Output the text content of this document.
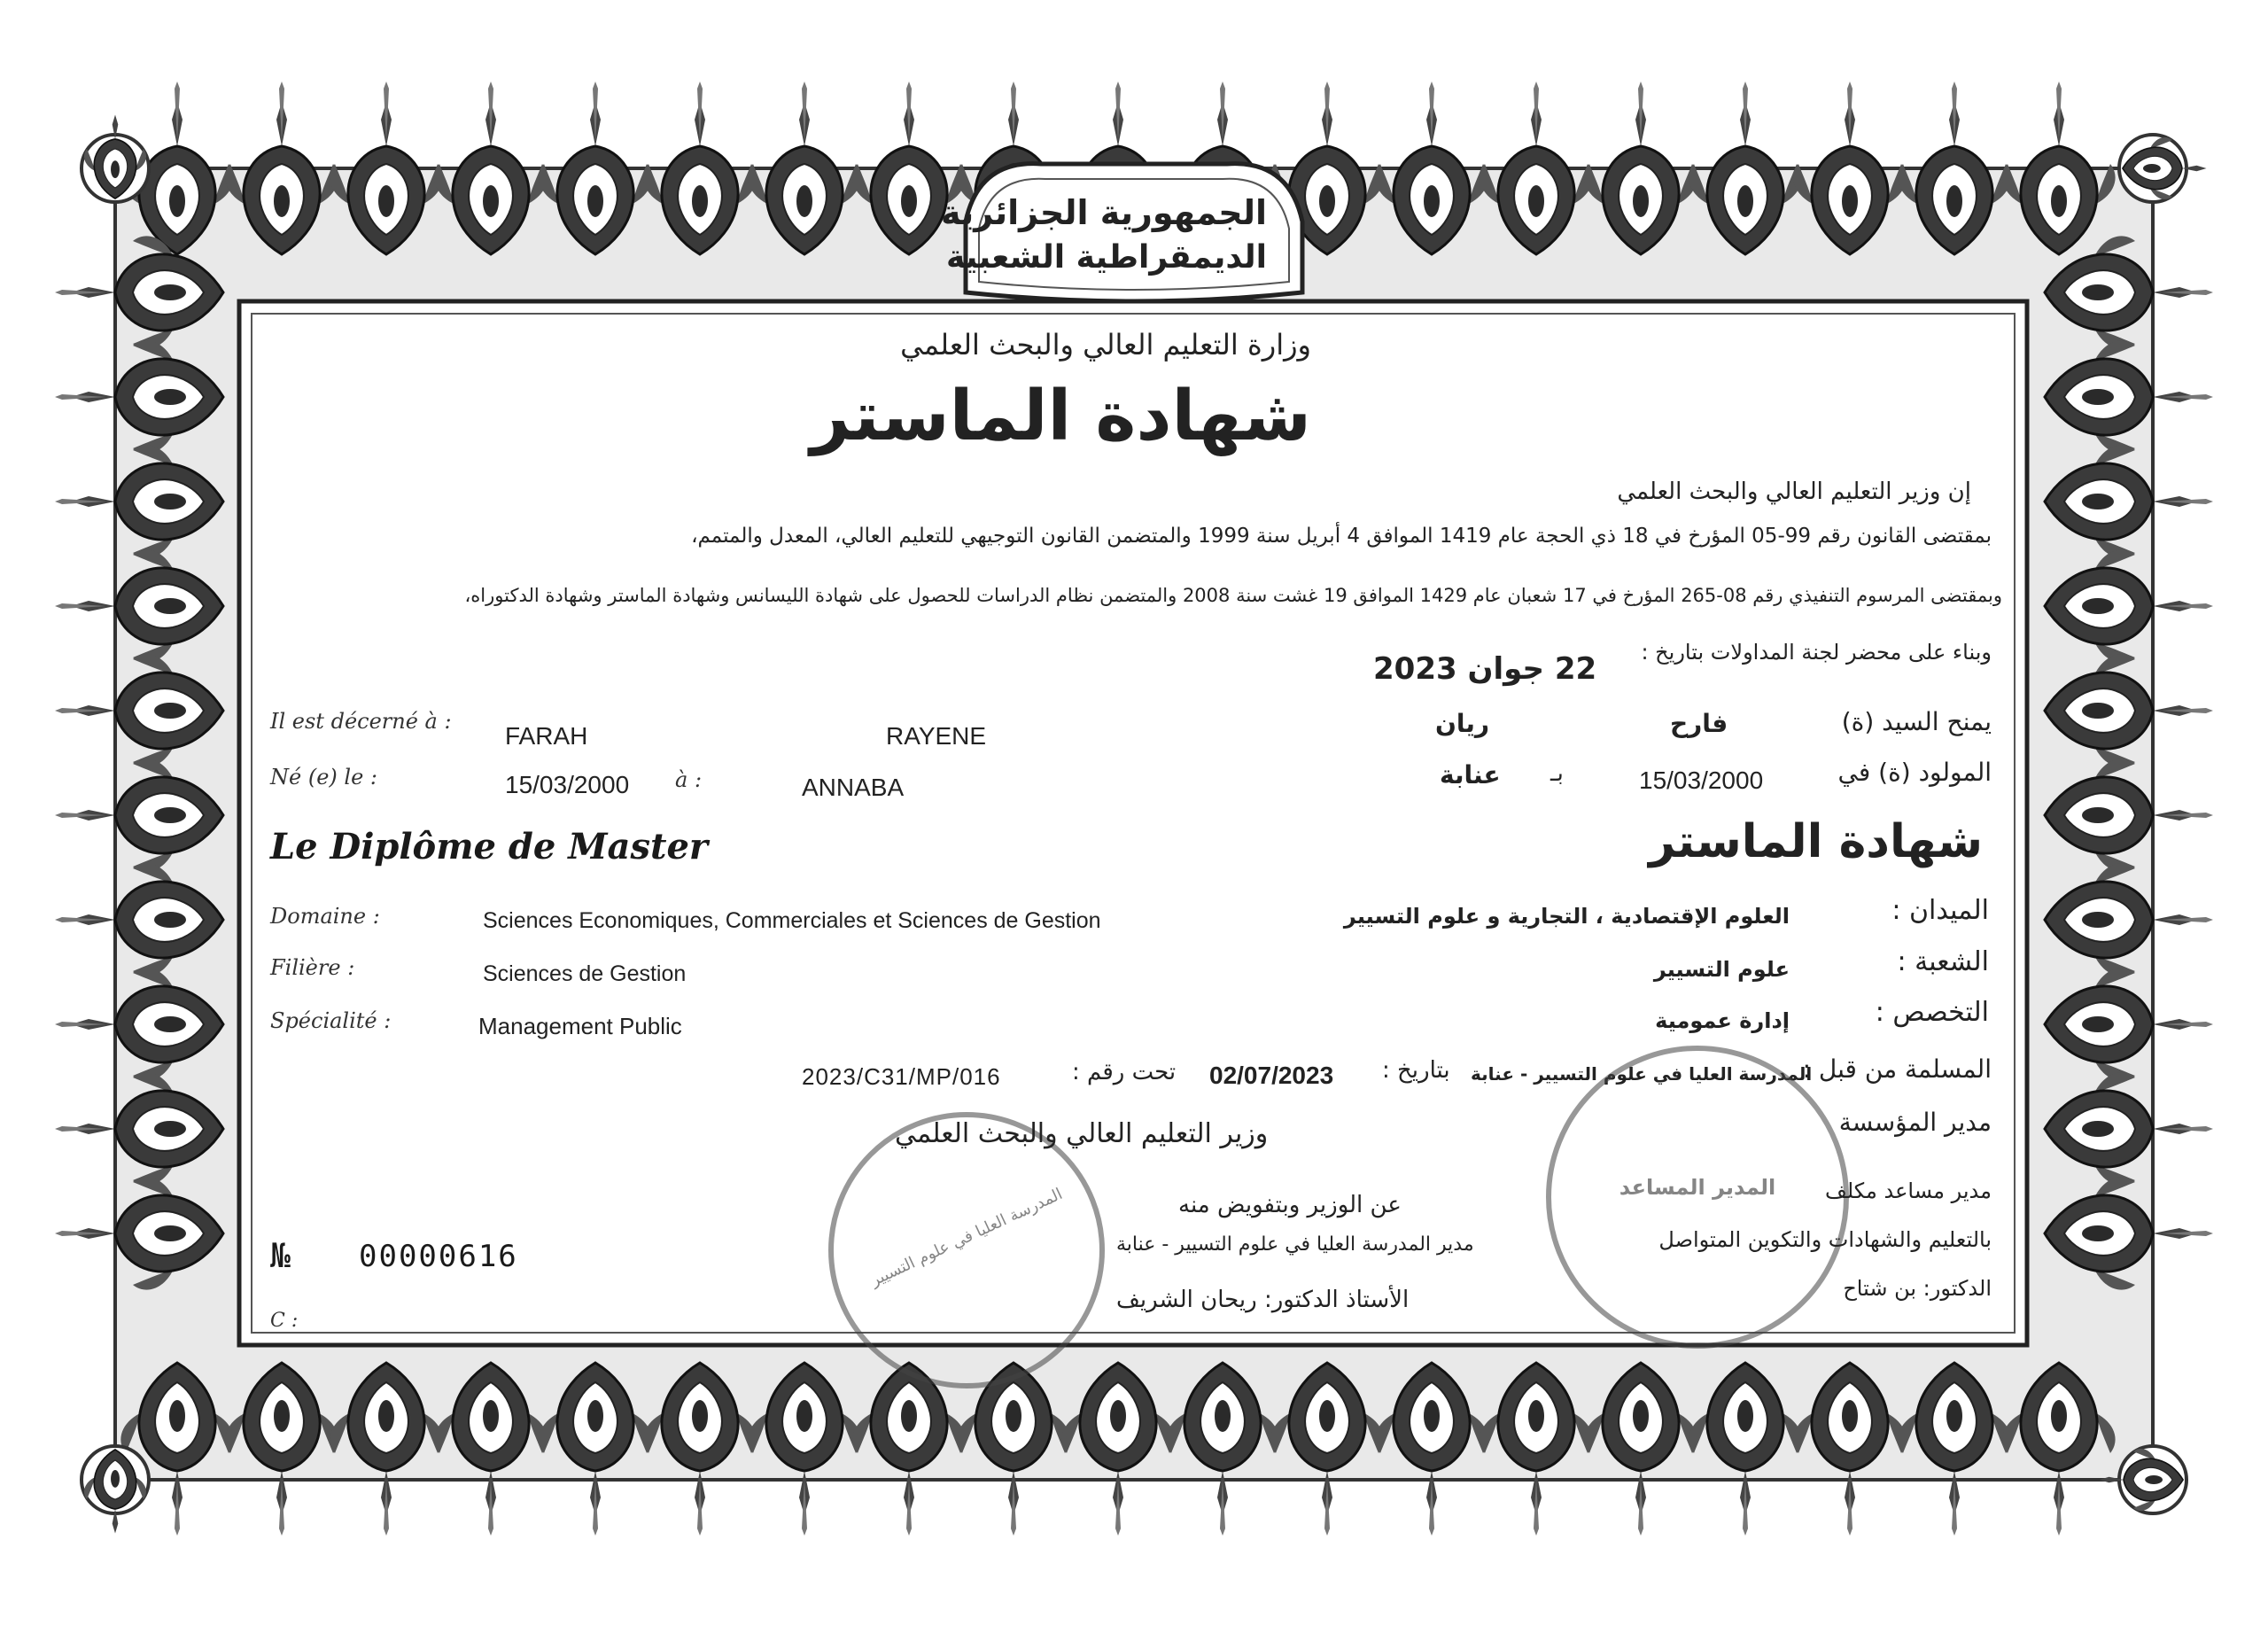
الجمهورية الجزائرية
الديمقراطية الشعبية
وزارة التعليم العالي والبحث العلمي
شهادة الماستر
إن وزير التعليم العالي والبحث العلمي
بمقتضى القانون رقم 99-05 المؤرخ في 18 ذي الحجة عام 1419 الموافق 4 أبريل سنة 1999 والمتضمن القانون التوجيهي للتعليم العالي، المعدل والمتمم،
وبمقتضى المرسوم التنفيذي رقم 08-265 المؤرخ في 17 شعبان عام 1429 الموافق 19 غشت سنة 2008 والمتضمن نظام الدراسات للحصول على شهادة الليسانس وشهادة الماستر وشهادة الدكتوراه،
وبناء على محضر لجنة المداولات بتاريخ :
22 جوان 2023
Il est décerné à :
FARAH	RAYENE	ريان	فارح	يمنح السيد (ة)
Né (e) le :	15/03/2000 à :	ANNABA	عنابة بـ	15/03/2000	المولود (ة) في
Le Diplôme de Master	شهادة الماستر
Domaine :	Sciences Economiques, Commerciales et Sciences de Gestion	العلوم الإقتصادية ، التجارية و علوم التسيير	الميدان :
Filière :	Sciences de Gestion	علوم التسيير	الشعبة :
Spécialité :	Management Public	إدارة عمومية	التخصص :
2023/C31/MP/016	تحت رقم : 02/07/2023 بتاريخ : المدرسة العليا في علوم التسيير - عنابة
المسلمة من قبل :
المدرسة العليا في علوم التسيير	المدير المساعد
وزير التعليم العالي والبحث العلمي
عن الوزير وبتفويض منه
مدير المدرسة العليا في علوم التسيير - عنابة
الأستاذ الدكتور: ريحان الشريف
مدير المؤسسة
مدير مساعد مكلف
بالتعليم والشهادات والتكوين المتواصل
الدكتور: بن شتاح
№ 00000616
C :
